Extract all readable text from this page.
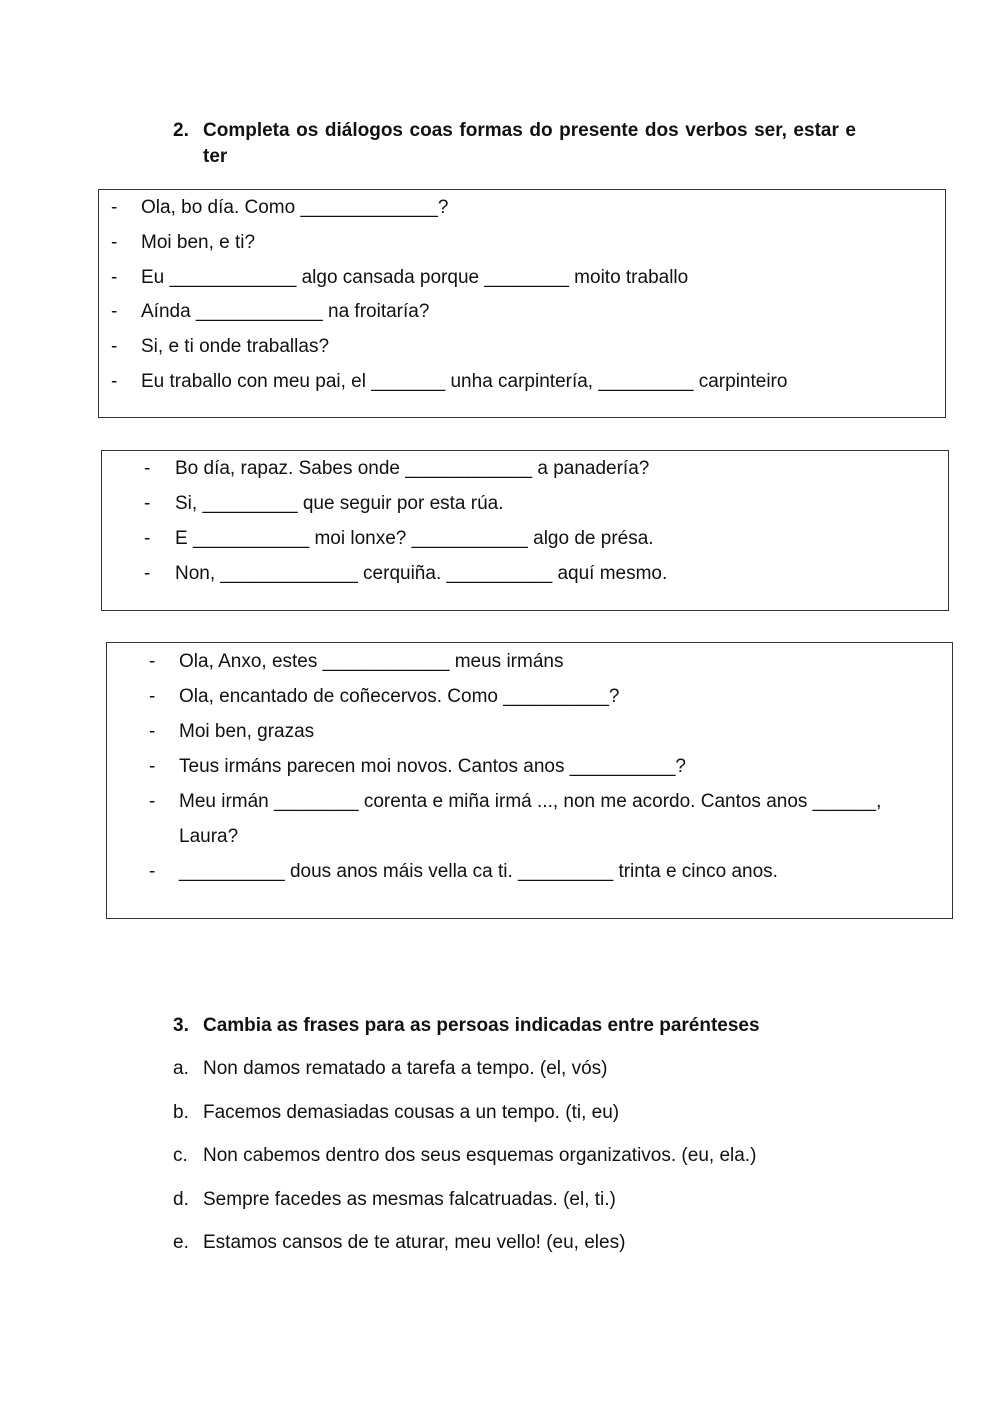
2. Completa os diálogos coas formas do presente dos verbos ser, estar e ter
- Ola, bo día. Como _____________?
- Moi ben, e ti?
- Eu ____________ algo cansada porque ________ moito traballo
- Aínda ____________ na froitaría?
- Si, e ti onde traballas?
- Eu traballo con meu pai, el _______ unha carpintería, _________ carpinteiro
- Bo día, rapaz. Sabes onde ____________ a panadería?
- Si, _________ que seguir por esta rúa.
- E ___________ moi lonxe? ___________ algo de présa.
- Non, _____________ cerquiña. __________ aquí mesmo.
- Ola, Anxo, estes ____________ meus irmáns
- Ola, encantado de coñecervos. Como __________?
- Moi ben, grazas
- Teus irmáns parecen moi novos. Cantos anos __________?
- Meu irmán ________ corenta e miña irmá ..., non me acordo. Cantos anos ______,
Laura?
- __________ dous anos máis vella ca ti. _________ trinta e cinco anos.
3. Cambia as frases para as persoas indicadas entre parénteses
a. Non damos rematado a tarefa a tempo. (el, vós)
b. Facemos demasiadas cousas a un tempo. (ti, eu)
c. Non cabemos dentro dos seus esquemas organizativos. (eu, ela.)
d. Sempre facedes as mesmas falcatruadas. (el, ti.)
e. Estamos cansos de te aturar, meu vello! (eu, eles)
